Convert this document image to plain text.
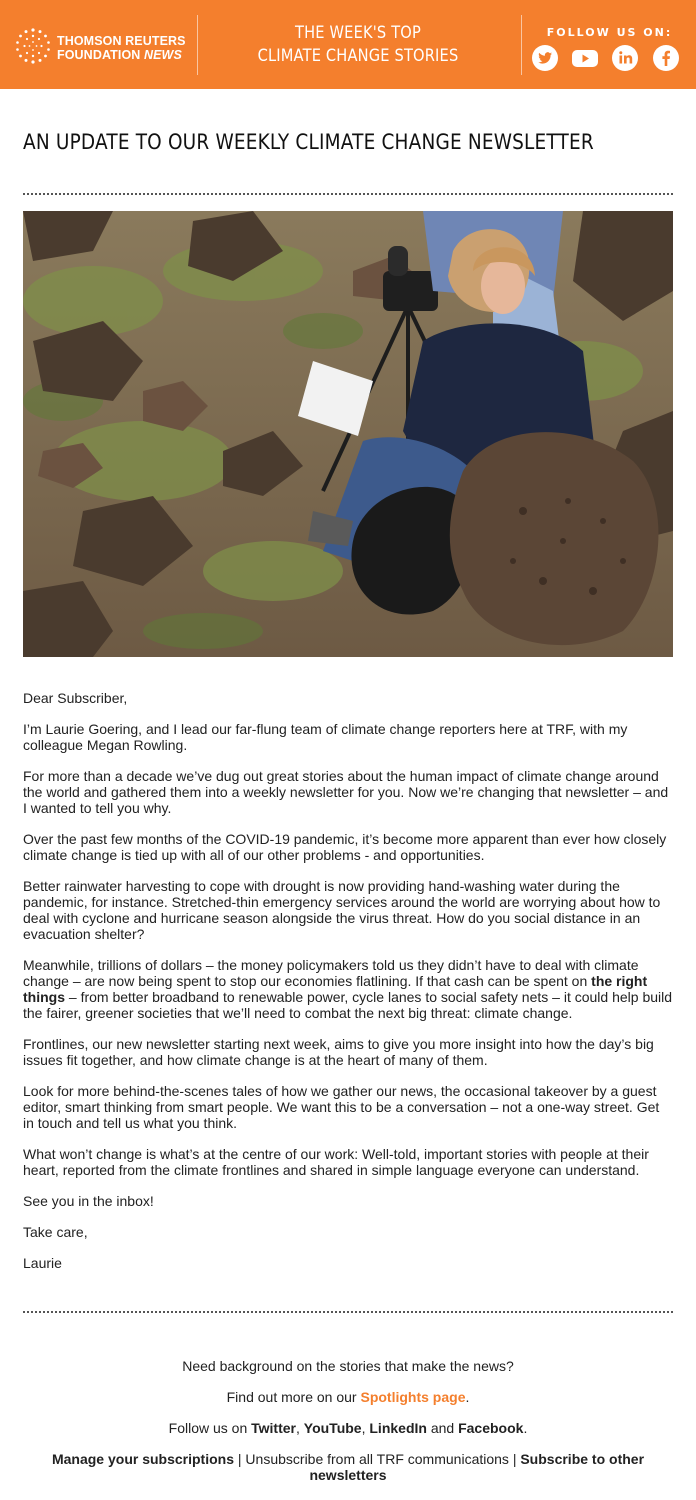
THOMSON REUTERS
FOUNDATION NEWS
THE WEEK'S TOP
CLIMATE CHANGE STORIES
FOLLOW US ON:
AN UPDATE TO OUR WEEKLY CLIMATE CHANGE NEWSLETTER

Dear Subscriber,

I’m Laurie Goering, and I lead our far-flung team of climate change reporters here at TRF, with my colleague Megan Rowling.

For more than a decade we’ve dug out great stories about the human impact of climate change around the world and gathered them into a weekly newsletter for you. Now we’re changing that newsletter – and I wanted to tell you why.

Over the past few months of the COVID-19 pandemic, it’s become more apparent than ever how closely climate change is tied up with all of our other problems - and opportunities.

Better rainwater harvesting to cope with drought is now providing hand-washing water during the pandemic, for instance. Stretched-thin emergency services around the world are worrying about how to deal with cyclone and hurricane season alongside the virus threat. How do you social distance in an evacuation shelter?

Meanwhile, trillions of dollars – the money policymakers told us they didn’t have to deal with climate change – are now being spent to stop our economies flatlining. If that cash can be spent on the right things – from better broadband to renewable power, cycle lanes to social safety nets – it could help build the fairer, greener societies that we’ll need to combat the next big threat: climate change.

Frontlines, our new newsletter starting next week, aims to give you more insight into how the day’s big issues fit together, and how climate change is at the heart of many of them.

Look for more behind-the-scenes tales of how we gather our news, the occasional takeover by a guest editor, smart thinking from smart people. We want this to be a conversation – not a one-way street. Get in touch and tell us what you think.

What won’t change is what’s at the centre of our work: Well-told, important stories with people at their heart, reported from the climate frontlines and shared in simple language everyone can understand.

See you in the inbox!

Take care,

Laurie

Need background on the stories that make the news?

Find out more on our Spotlights page.

Follow us on Twitter, YouTube, LinkedIn and Facebook.

Manage your subscriptions | Unsubscribe from all TRF communications | Subscribe to other newsletters
